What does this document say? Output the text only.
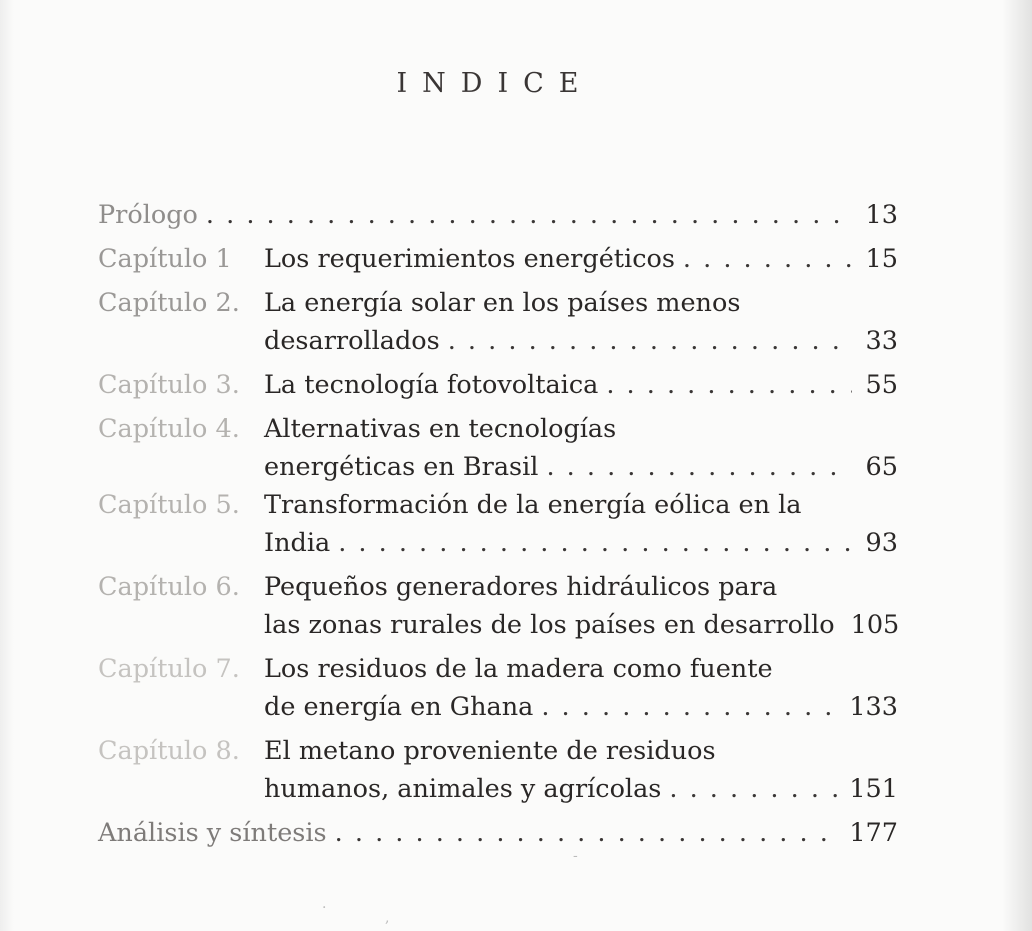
INDICE
Prólogo . . .	13
Capítulo 1 Los requerimientos energéticos . . .	15
Capítulo 2. La energía solar en los países menos
desarrollados . . .	33
Capítulo 3. La tecnología fotovoltaica . . .	55
Capítulo 4. Alternativas en tecnologías
energéticas en Brasil . . .	65
Capítulo 5. Transformación de la energía eólica en la
India . . .	93
Capítulo 6. Pequeños generadores hidráulicos para
las zonas rurales de los países en desarrollo . . . 105
Capítulo 7. Los residuos de la madera como fuente
de energía en Ghana . . .	133
Capítulo 8. El metano proveniente de residuos
humanos, animales y agrícolas . . .	151
Análisis y síntesis . . .	177
-
·
,
